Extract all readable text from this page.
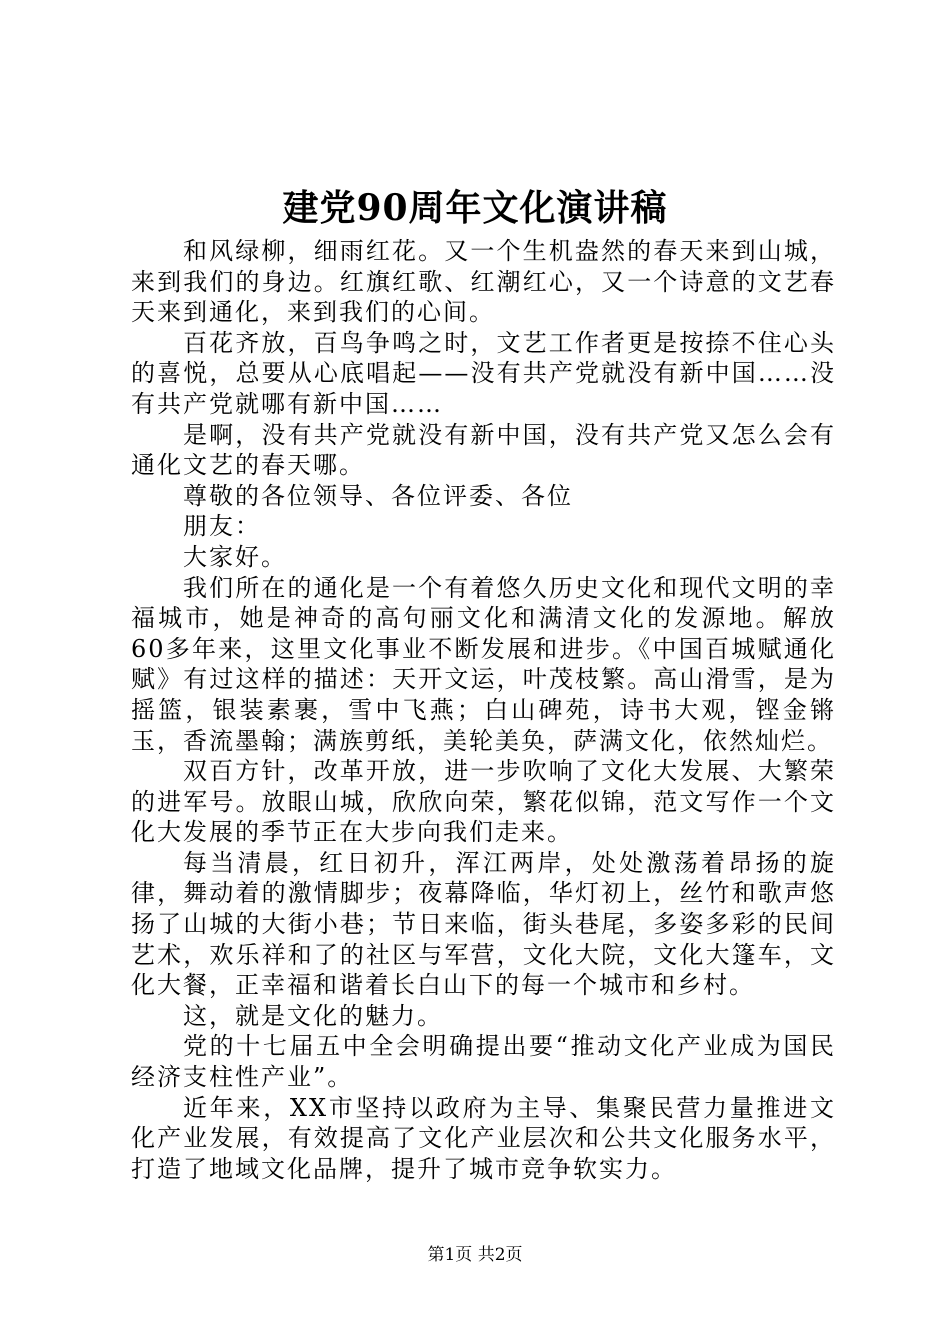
建党90周年文化演讲稿

和风绿柳，细雨红花。又一个生机盎然的春天来到山城，来到我们的身边。红旗红歌、红潮红心，又一个诗意的文艺春天来到通化，来到我们的心间。

百花齐放，百鸟争鸣之时，文艺工作者更是按捺不住心头的喜悦，总要从心底唱起——没有共产党就没有新中国……没有共产党就哪有新中国……

是啊，没有共产党就没有新中国，没有共产党又怎么会有通化文艺的春天哪。

尊敬的各位领导、各位评委、各位

朋友：

大家好。

我们所在的通化是一个有着悠久历史文化和现代文明的幸福城市，她是神奇的高句丽文化和满清文化的发源地。解放60多年来，这里文化事业不断发展和进步。《中国百城赋通化赋》有过这样的描述：天开文运，叶茂枝繁。高山滑雪，是为摇篮，银装素裹，雪中飞燕；白山碑苑，诗书大观，铿金锵玉，香流墨翰；满族剪纸，美轮美奂，萨满文化，依然灿烂。

双百方针，改革开放，进一步吹响了文化大发展、大繁荣的进军号。放眼山城，欣欣向荣，繁花似锦，范文写作一个文化大发展的季节正在大步向我们走来。

每当清晨，红日初升，浑江两岸，处处激荡着昂扬的旋律，舞动着的激情脚步；夜幕降临，华灯初上，丝竹和歌声悠扬了山城的大街小巷；节日来临，街头巷尾，多姿多彩的民间艺术，欢乐祥和了的社区与军营，文化大院，文化大篷车，文化大餐，正幸福和谐着长白山下的每一个城市和乡村。

这，就是文化的魅力。

党的十七届五中全会明确提出要“推动文化产业成为国民经济支柱性产业”。

近年来，XX市坚持以政府为主导、集聚民营力量推进文化产业发展，有效提高了文化产业层次和公共文化服务水平，打造了地域文化品牌，提升了城市竞争软实力。

第1页 共2页
